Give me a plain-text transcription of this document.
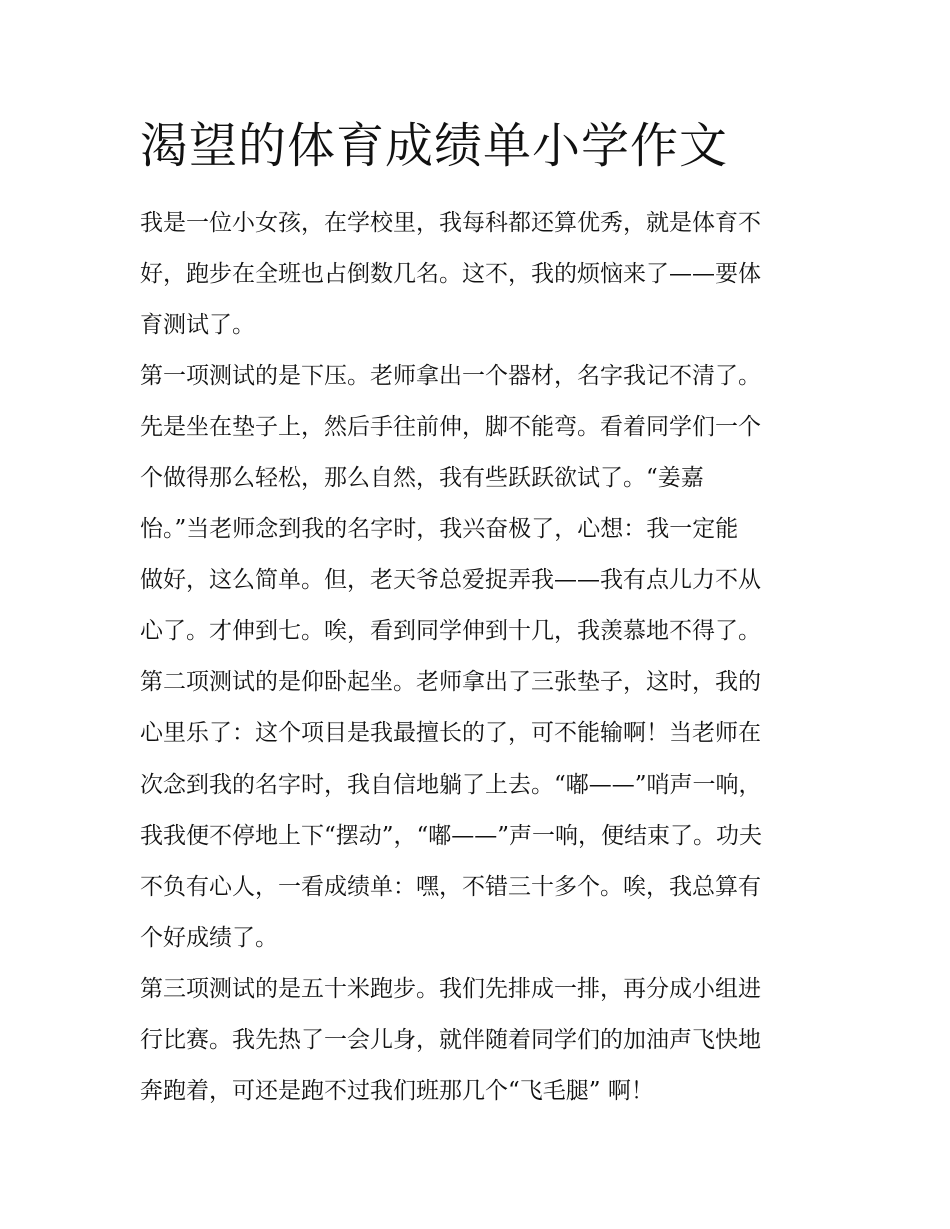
渴望的体育成绩单小学作文
我是一位小女孩，在学校里，我每科都还算优秀，就是体育不
好，跑步在全班也占倒数几名。这不，我的烦恼来了——要体
育测试了。
第一项测试的是下压。老师拿出一个器材，名字我记不清了。
先是坐在垫子上，然后手往前伸，脚不能弯。看着同学们一个
个做得那么轻松，那么自然，我有些跃跃欲试了。“姜嘉
怡。”当老师念到我的名字时，我兴奋极了，心想：我一定能
做好，这么简单。但，老天爷总爱捉弄我——我有点儿力不从
心了。才伸到七。唉，看到同学伸到十几，我羡慕地不得了。
第二项测试的是仰卧起坐。老师拿出了三张垫子，这时，我的
心里乐了：这个项目是我最擅长的了，可不能输啊！当老师在
次念到我的名字时，我自信地躺了上去。“嘟——”哨声一响，
我我便不停地上下“摆动”，“嘟——”声一响，便结束了。功夫
不负有心人，一看成绩单：嘿，不错三十多个。唉，我总算有
个好成绩了。
第三项测试的是五十米跑步。我们先排成一排，再分成小组进
行比赛。我先热了一会儿身，就伴随着同学们的加油声飞快地
奔跑着，可还是跑不过我们班那几个“飞毛腿” 啊！
